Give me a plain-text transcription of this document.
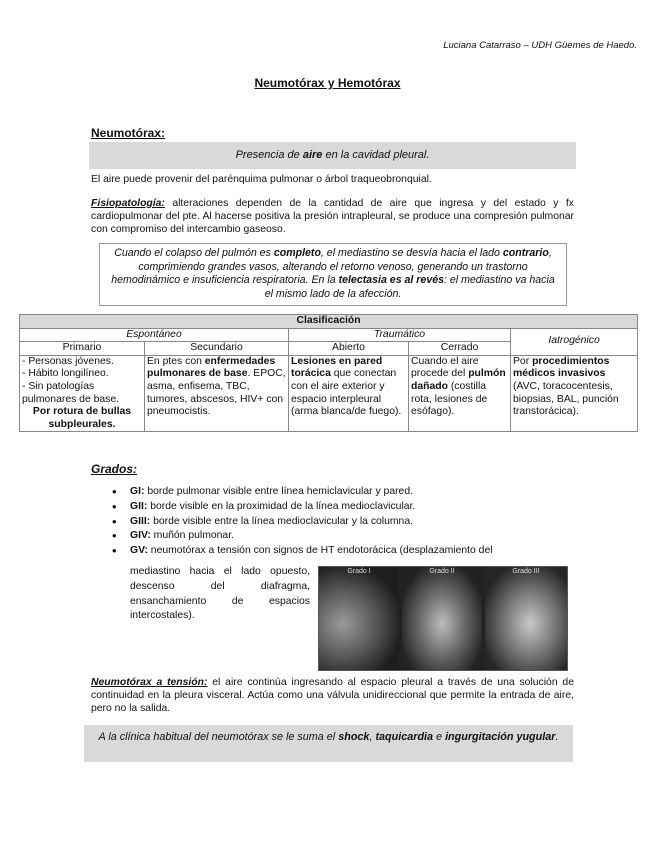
Luciana Catarraso – UDH Güemes de Haedo.
Neumotórax y Hemotórax
Neumotórax:
Presencia de aire en la cavidad pleural.
El aire puede provenir del parénquima pulmonar o árbol traqueobronquial.
Fisiopatología: alteraciones dependen de la cantidad de aire que ingresa y del estado y fx cardiopulmonar del pte. Al hacerse positiva la presión intrapleural, se produce una compresión pulmonar con compromiso del intercambio gaseoso.
Cuando el colapso del pulmón es completo, el mediastino se desvía hacia el lado contrario, comprimiendo grandes vasos, alterando el retorno venoso, generando un trastorno hemodinámico e insuficiencia respiratoria. En la telectasia es al revés: el mediastino va hacia el mismo lado de la afección.
Clasificación				
Espontáneo		Traumático		Iatrogénico
Primario	Secundario	Abierto	Cerrado	

- Personas jóvenes.
- Hábito longilíneo.
- Sin patologías pulmonares de base.
Por rotura de bullas subpleurales.	En ptes con enfermedades pulmonares de base. EPOC, asma, enfisema, TBC, tumores, abscesos, HIV+ con pneumocistis.	Lesiones en pared torácica que conectan con el aire exterior y espacio interpleural (arma blanca/de fuego).	Cuando el aire procede del pulmón dañado (costilla rota, lesiones de esófago).	Por procedimientos médicos invasivos (AVC, toracocentesis, biopsias, BAL, punción transtorácica).
Grados:
• GI: borde pulmonar visible entre línea hemiclavicular y pared.
• GII: borde visible en la proximidad de la línea medioclavicular.
• GIII: borde visible entre la línea medioclavicular y la columna.
• GIV: muñón pulmonar.
• GV: neumotórax a tensión con signos de HT endotorácica (desplazamiento del
mediastino hacia el lado opuesto, descenso del diafragma, ensanchamiento de espacios intercostales).
Grado I	Grado II	Grado III
Neumotórax a tensión: el aire continúa ingresando al espacio pleural a través de una solución de continuidad en la pleura visceral. Actúa como una válvula unidireccional que permite la entrada de aire, pero no la salida.
A la clínica habitual del neumotórax se le suma el shock, taquicardia e ingurgitación yugular.
